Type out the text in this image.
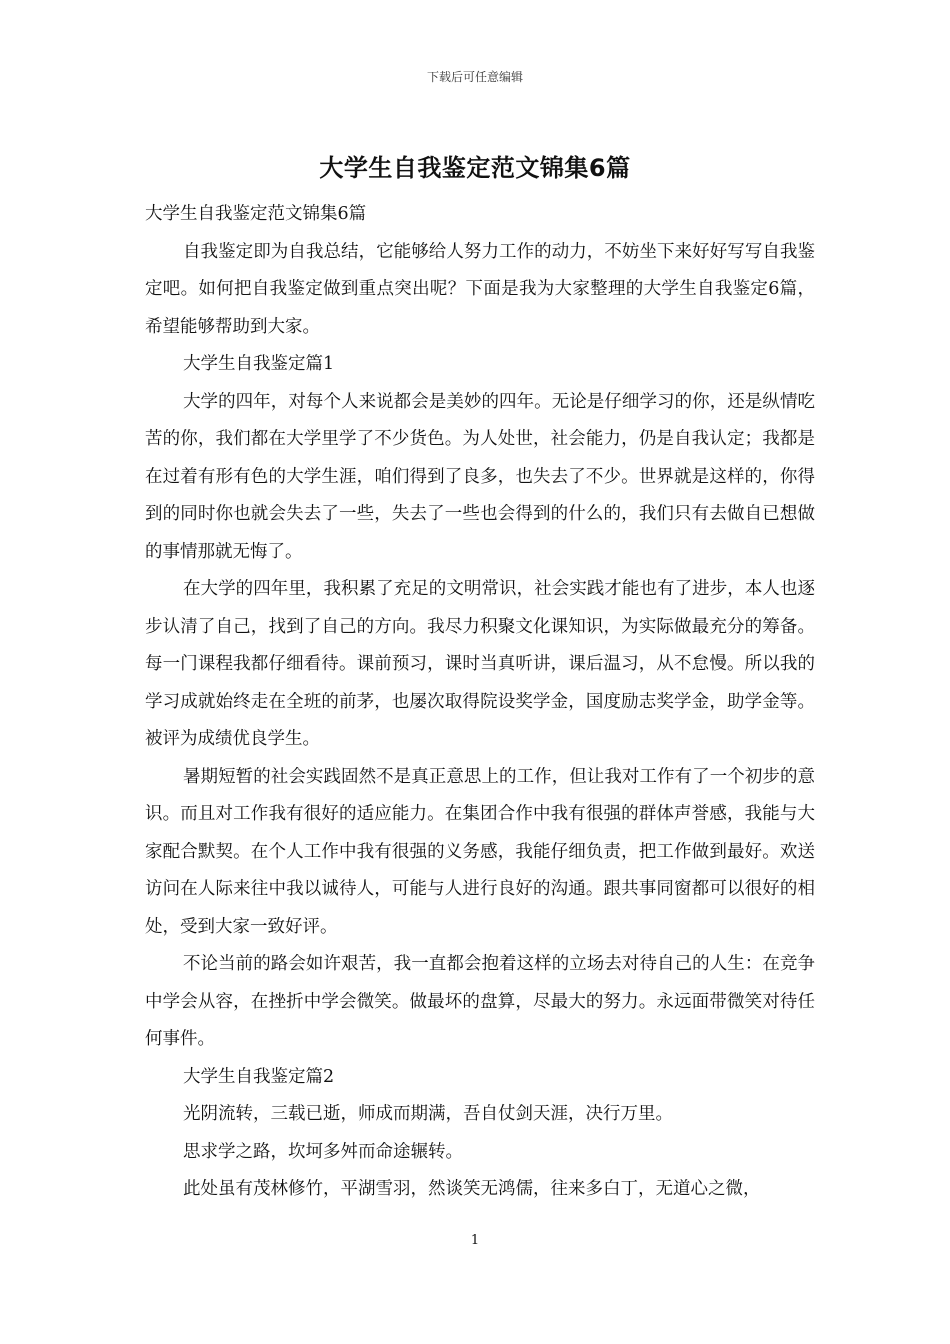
下载后可任意编辑
大学生自我鉴定范文锦集6篇

大学生自我鉴定范文锦集6篇

自我鉴定即为自我总结，它能够给人努力工作的动力，不妨坐下来好好写写自我鉴定吧。如何把自我鉴定做到重点突出呢？下面是我为大家整理的大学生自我鉴定6篇，希望能够帮助到大家。

大学生自我鉴定篇1

大学的四年，对每个人来说都会是美妙的四年。无论是仔细学习的你，还是纵情吃苦的你，我们都在大学里学了不少货色。为人处世，社会能力，仍是自我认定；我都是在过着有形有色的大学生涯，咱们得到了良多，也失去了不少。世界就是这样的，你得到的同时你也就会失去了一些，失去了一些也会得到的什么的，我们只有去做自已想做的事情那就无悔了。

在大学的四年里，我积累了充足的文明常识，社会实践才能也有了进步，本人也逐步认清了自己，找到了自己的方向。我尽力积聚文化课知识，为实际做最充分的筹备。每一门课程我都仔细看待。课前预习，课时当真听讲，课后温习，从不怠慢。所以我的学习成就始终走在全班的前茅，也屡次取得院设奖学金，国度励志奖学金，助学金等。被评为成绩优良学生。

暑期短暂的社会实践固然不是真正意思上的工作，但让我对工作有了一个初步的意识。而且对工作我有很好的适应能力。在集团合作中我有很强的群体声誉感，我能与大家配合默契。在个人工作中我有很强的义务感，我能仔细负责，把工作做到最好。欢送访问在人际来往中我以诚待人，可能与人进行良好的沟通。跟共事同窗都可以很好的相处，受到大家一致好评。

不论当前的路会如许艰苦，我一直都会抱着这样的立场去对待自己的人生：在竞争中学会从容，在挫折中学会微笑。做最坏的盘算，尽最大的努力。永远面带微笑对待任何事件。

大学生自我鉴定篇2

光阴流转，三载已逝，师成而期满，吾自仗剑天涯，决行万里。

思求学之路，坎坷多舛而命途辗转。

此处虽有茂林修竹，平湖雪羽，然谈笑无鸿儒，往来多白丁，无道心之微，

1
